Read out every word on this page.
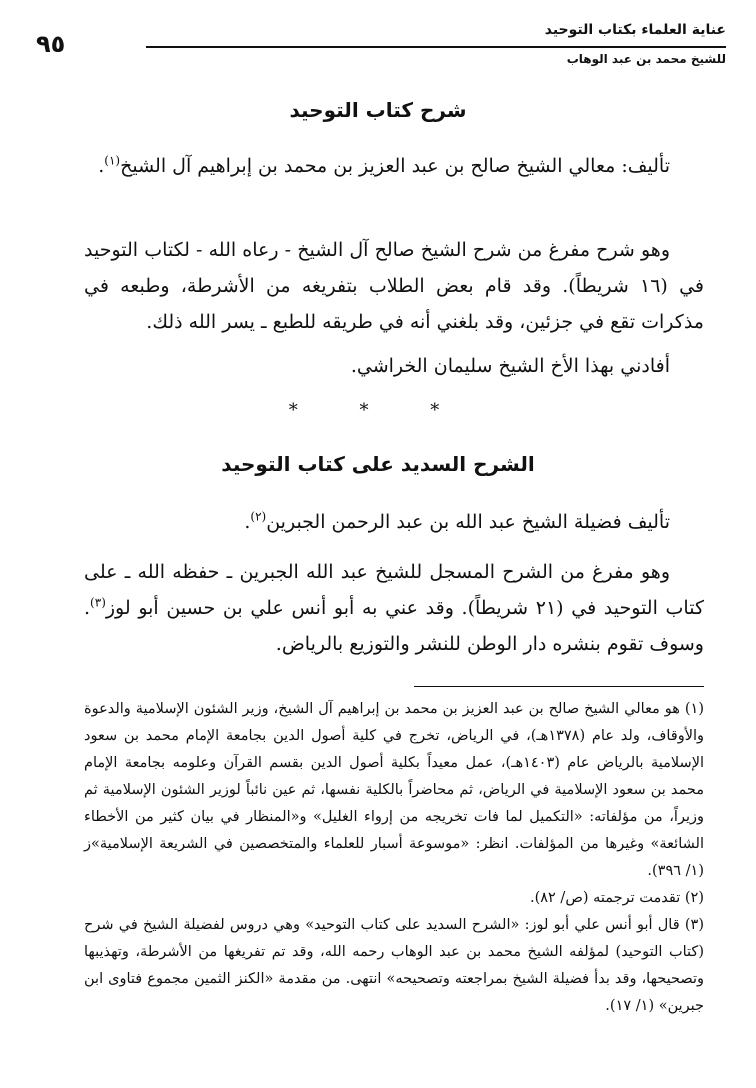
عناية العلماء بكتاب التوحيد
للشيخ محمد بن عبد الوهاب
٩٥
شرح كتاب التوحيد
تأليف: معالي الشيخ صالح بن عبد العزيز بن محمد بن إبراهيم آل الشيخ$^{(١)}$.
وهو شرح مفرغ من شرح الشيخ صالح آل الشيخ - رعاه الله - لكتاب التوحيد في (١٦ شريطاً). وقد قام بعض الطلاب بتفريغه من الأشرطة، وطبعه في مذكرات تقع في جزئين، وقد بلغني أنه في طريقه للطبع ـ يسر الله ذلك.
أفادني بهذا الأخ الشيخ سليمان الخراشي.
* * *
الشرح السديد على كتاب التوحيد
تأليف فضيلة الشيخ عبد الله بن عبد الرحمن الجبرين$^{(٢)}$.
وهو مفرغ من الشرح المسجل للشيخ عبد الله الجبرين ـ حفظه الله ـ على كتاب التوحيد في (٢١ شريطاً). وقد عني به أبو أنس علي بن حسين أبو لوز$^{(٣)}$. وسوف تقوم بنشره دار الوطن للنشر والتوزيع بالرياض.

(١) هو معالي الشيخ صالح بن عبد العزيز بن محمد بن إبراهيم آل الشيخ، وزير الشئون الإسلامية والدعوة والأوقاف، ولد عام (١٣٧٨هـ)، في الرياض، تخرج في كلية أصول الدين بجامعة الإمام محمد بن سعود الإسلامية بالرياض عام (١٤٠٣هـ)، عمل معيداً بكلية أصول الدين بقسم القرآن وعلومه بجامعة الإمام محمد بن سعود الإسلامية في الرياض، ثم محاضراً بالكلية نفسها، ثم عين نائباً لوزير الشئون الإسلامية ثم وزيراً، من مؤلفاته: «التكميل لما فات تخريجه من إرواء الغليل» و«المنظار في بيان كثير من الأخطاء الشائعة» وغيرها من المؤلفات. انظر: «موسوعة أسبار للعلماء والمتخصصين في الشريعة الإسلامية»ز (١/ ٣٩٦).

(٢) تقدمت ترجمته (ص/ ٨٢).

(٣) قال أبو أنس علي أبو لوز: «الشرح السديد على كتاب التوحيد» وهي دروس لفضيلة الشيخ في شرح (كتاب التوحيد) لمؤلفه الشيخ محمد بن عبد الوهاب رحمه الله، وقد تم تفريغها من الأشرطة، وتهذيبها وتصحيحها، وقد بدأ فضيلة الشيخ بمراجعته وتصحيحه» انتهى. من مقدمة «الكنز الثمين مجموع فتاوى ابن جبرين» (١/ ١٧).
